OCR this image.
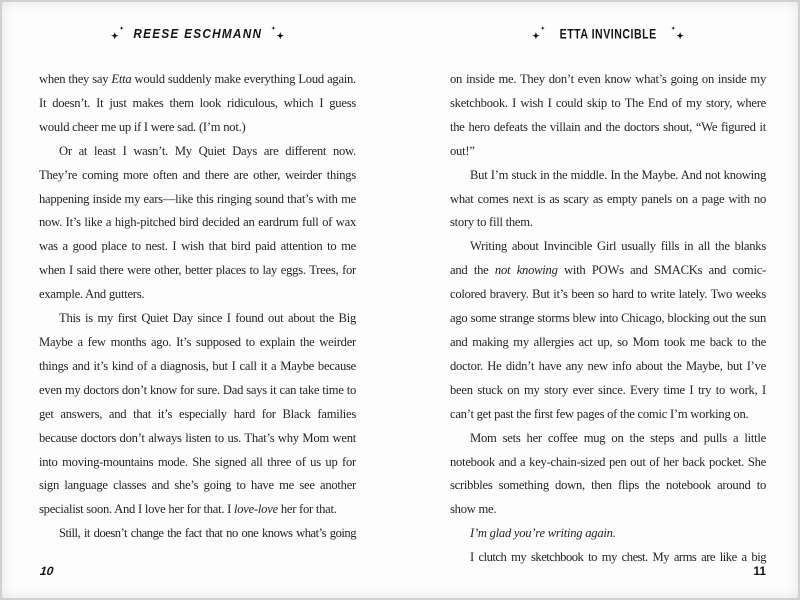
✦
✦ REESE ESCHMANN ✦
✦	✦
✦ ETTA INVINCIBLE	✦
✦

when they say Etta would suddenly make everything Loud again. It doesn’t. It just makes them look ridiculous, which I guess would cheer me up if I were sad. (I’m not.)

Or at least I wasn’t. My Quiet Days are different now. They’re coming more often and there are other, weirder things happening inside my ears—like this ringing sound that’s with me now. It’s like a high-pitched bird decided an eardrum full of wax was a good place to nest. I wish that bird paid attention to me when I said there were other, better places to lay eggs. Trees, for example. And gutters.

This is my first Quiet Day since I found out about the Big Maybe a few months ago. It’s supposed to explain the weirder things and it’s kind of a diagnosis, but I call it a Maybe because even my doctors don’t know for sure. Dad says it can take time to get answers, and that it’s especially hard for Black families because doctors don’t always listen to us. That’s why Mom went into moving-mountains mode. She signed all three of us up for sign language classes and she’s going to have me see another specialist soon. And I love her for that. I love-love her for that.

Still, it doesn’t change the fact that no one knows what’s going

on inside me. They don’t even know what’s going on inside my sketchbook. I wish I could skip to The End of my story, where the hero defeats the villain and the doctors shout, “We figured it out!”

But I’m stuck in the middle. In the Maybe. And not knowing what comes next is as scary as empty panels on a page with no story to fill them.

Writing about Invincible Girl usually fills in all the blanks and the not knowing with POWs and SMACKs and comic-colored bravery. But it’s been so hard to write lately. Two weeks ago some strange storms blew into Chicago, blocking out the sun and making my allergies act up, so Mom took me back to the doctor. He didn’t have any new info about the Maybe, but I’ve been stuck on my story ever since. Every time I try to work, I can’t get past the first few pages of the comic I’m working on.

Mom sets her coffee mug on the steps and pulls a little notebook and a key-chain-sized pen out of her back pocket. She scribbles something down, then flips the notebook around to show me.

I’m glad you’re writing again.

I clutch my sketchbook to my chest. My arms are like a big

10	11
